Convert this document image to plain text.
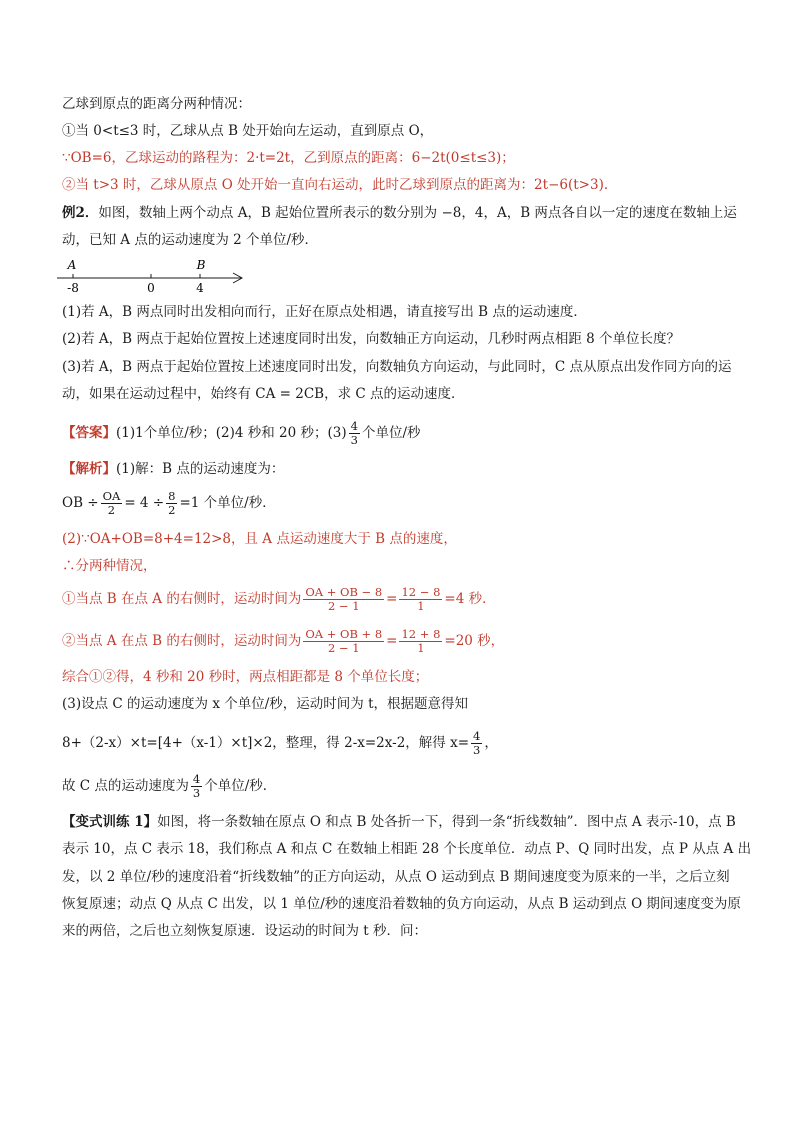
乙球到原点的距离分两种情况：
①当 0<t≤3 时，乙球从点 B 处开始向左运动，直到原点 O，
∵OB=6，乙球运动的路程为：2·t=2t，乙到原点的距离：6−2t(0≤t≤3)；
②当 t>3 时，乙球从原点 O 处开始一直向右运动，此时乙球到原点的距离为：2t−6(t>3)．
例2．如图，数轴上两个动点 A，B 起始位置所表示的数分别为 −8，4，A，B 两点各自以一定的速度在数轴上运
动，已知 A 点的运动速度为 2 个单位/秒．
A	B
-8	0	4
(1)若 A，B 两点同时出发相向而行，正好在原点处相遇，请直接写出 B 点的运动速度．
(2)若 A，B 两点于起始位置按上述速度同时出发，向数轴正方向运动，几秒时两点相距 8 个单位长度？
(3)若 A，B 两点于起始位置按上述速度同时出发，向数轴负方向运动，与此同时，C 点从原点出发作同方向的运
动，如果在运动过程中，始终有 CA = 2CB，求 C 点的运动速度．
【答案】(1)1个单位/秒；(2)4 秒和 20 秒；$(3) \frac{4}{3}$ 个单位/秒
【解析】(1)解：B 点的运动速度为：
OB ÷ $\frac{OA}{2} = 4 \div \frac{8}{2} =1$ 个单位/秒．
(2)∵OA+OB=8+4=12>8，且 A 点运动速度大于 B 点的速度，
∴分两种情况，
①当点 B 在点 A 的右侧时，运动时间为 $\frac{OA + OB - 8}{2 - 1} = \frac{12 - 8}{1} =4$ 秒．
②当点 A 在点 B 的右侧时，运动时间为 $\frac{OA + OB + 8}{2 - 1} = \frac{12 + 8}{1} =20$ 秒，
综合①②得，4 秒和 20 秒时，两点相距都是 8 个单位长度；
(3)设点 C 的运动速度为 x 个单位/秒，运动时间为 t，根据题意得知
8+（2-x）×t=[4+（x-1）×t]×2，整理，得 2-x=2x-2，解得 $x= \frac{4}{3}$ ，
故 C 点的运动速度为 $\frac{4}{3}$ 个单位/秒．
【变式训练 1】如图，将一条数轴在原点 O 和点 B 处各折一下，得到一条“折线数轴”．图中点 A 表示-10，点 B
表示 10，点 C 表示 18，我们称点 A 和点 C 在数轴上相距 28 个长度单位．动点 P、Q 同时出发，点 P 从点 A 出
发，以 2 单位/秒的速度沿着“折线数轴”的正方向运动，从点 O 运动到点 B 期间速度变为原来的一半，之后立刻
恢复原速；动点 Q 从点 C 出发，以 1 单位/秒的速度沿着数轴的负方向运动，从点 B 运动到点 O 期间速度变为原
来的两倍，之后也立刻恢复原速．设运动的时间为 t 秒．问：
